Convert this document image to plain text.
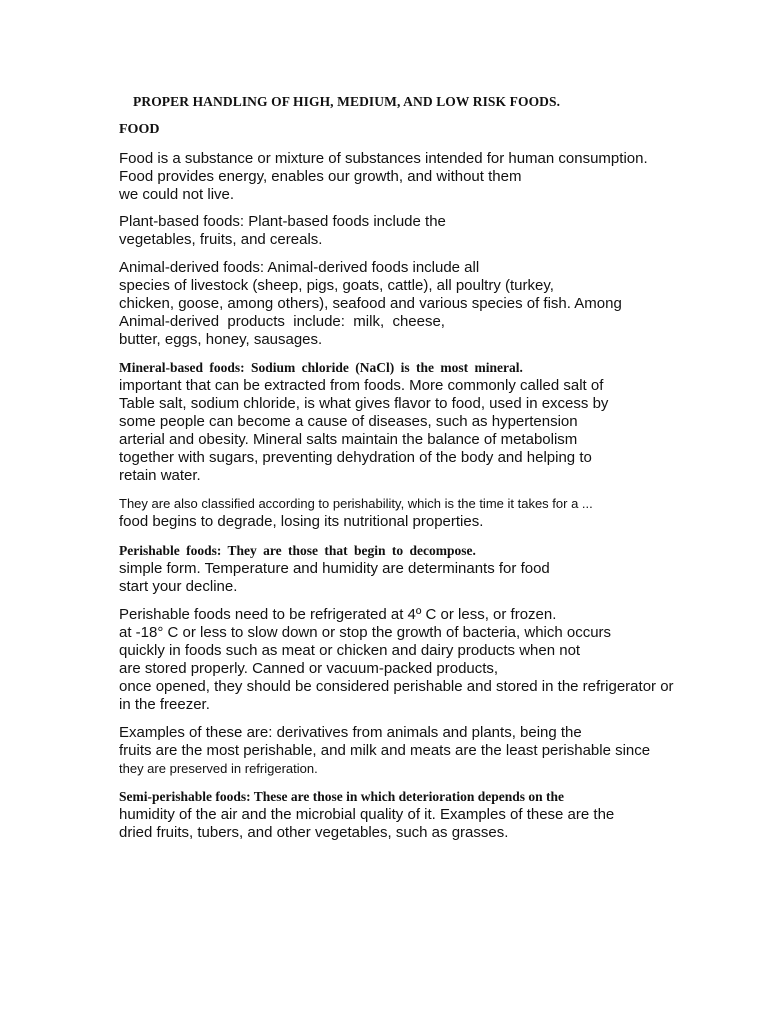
PROPER HANDLING OF HIGH, MEDIUM, AND LOW RISK FOODS.
FOOD

Food is a substance or mixture of substances intended for human consumption.
Food provides energy, enables our growth, and without them
we could not live.

Plant-based foods: Plant-based foods include the
vegetables, fruits, and cereals.

Animal-derived foods: Animal-derived foods include all
species of livestock (sheep, pigs, goats, cattle), all poultry (turkey,
chicken, goose, among others), seafood and various species of fish. Among
Animal-derived  products  include:  milk,  cheese,
butter, eggs, honey, sausages.

Mineral-based foods: Sodium chloride (NaCl) is the most mineral.
important that can be extracted from foods. More commonly called salt of
Table salt, sodium chloride, is what gives flavor to food, used in excess by
some people can become a cause of diseases, such as hypertension
arterial and obesity. Mineral salts maintain the balance of metabolism
together with sugars, preventing dehydration of the body and helping to
retain water.

They are also classified according to perishability, which is the time it takes for a ...
food begins to degrade, losing its nutritional properties.

Perishable foods: They are those that begin to decompose.
simple form. Temperature and humidity are determinants for food
start your decline.

Perishable foods need to be refrigerated at 4º C or less, or frozen.
at -18° C or less to slow down or stop the growth of bacteria, which occurs
quickly in foods such as meat or chicken and dairy products when not
are stored properly. Canned or vacuum-packed products,
once opened, they should be considered perishable and stored in the refrigerator or
in the freezer.

Examples of these are: derivatives from animals and plants, being the
fruits are the most perishable, and milk and meats are the least perishable since
they are preserved in refrigeration.

Semi-perishable foods: These are those in which deterioration depends on the
humidity of the air and the microbial quality of it. Examples of these are the
dried fruits, tubers, and other vegetables, such as grasses.
